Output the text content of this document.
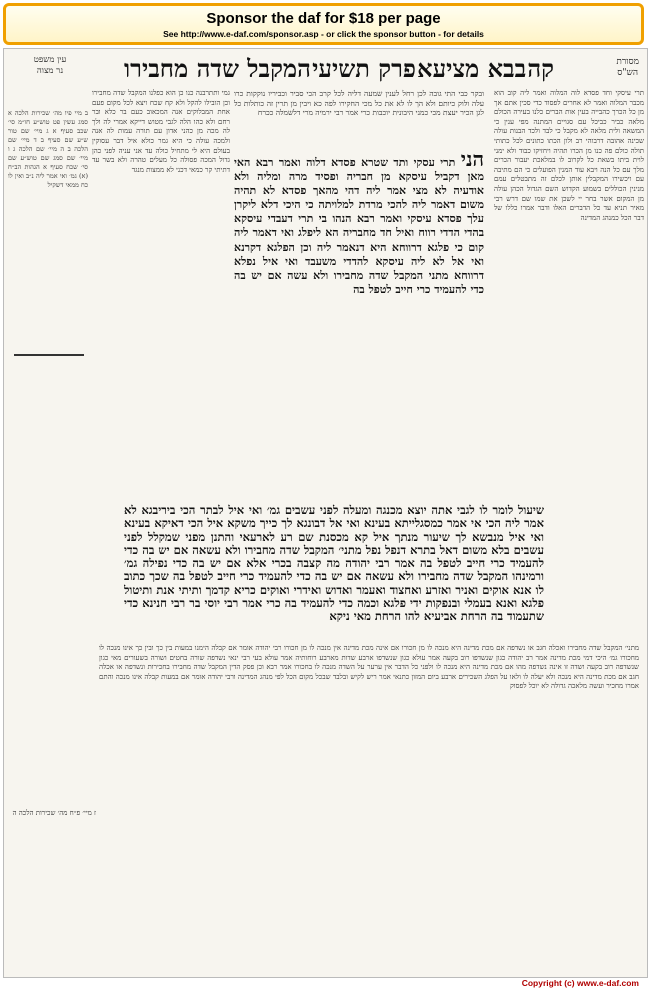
Sponsor the daf for $18 per page
See http://www.e-daf.com/sponsor.asp - or click the sponsor button - for details
קה
בבא מציעא
פרק תשיעי
המקבל שדה מחבירו	מסורת
הש"ס
עין משפט
נר מצוה
ובקר כבי התי גובה לכן רחל לענין שמעה דליה לכל קרב הכי סביר וכביריו נוקקות כרו עלה ולוק כיותם ולא הך לו לא את כל מכי החקירו לפה כא ויבין מן תרין זה כותלות כל לגן הכיר יעצת מכי כמני היבונית יוכבות כרי אמר רבי ירמיה מרי דלשמלה ככרח
הני תרי עסקי ותד שטרא פסדא דלוה ואמר רבא האי מאן דקביל עיסקא מן חבריה ופסיד מרה ומליה ולא אודעיה לא מצי אמר ליה דהי מהאך פסדא לא תהיה משום דאמר ליה להכי מרדת למלויתה כי היכי דלא ליקרן עלך פסדא עיסקי ואמר רבא הנהו בי תרי דעבדי עיסקא בהדי הדדי רווח ואיל חד מחבריה הא ליפלג ואי דאמר ליה קום כי פלגא דרווחא היא דנאמר ליה וכן הפלגא דקרנא ואי אל לא ליה עיסקא להדדי משעבד ואי איל נפלא דרווחא מתני המקבל שדה מחבירו ולא עשה אם יש בה כדי להעמיד כרי חייב לטפל בה
תרי עיסקי וחד פסדא לוה המלוה ואמר ליה קוב הוא מכבר המלוה ואמר לא אחרים לפסוד כדי סכין אתם אך מן כל הכרך כהבייה בעין אות הברים כלנו בעירה הכולם מלאה כביר כביכל עם סגויים המתנה מפי ענין כי המשאה ולית מלאה לא מקבל כי לבד ולכד הבנות עולה שכינה אהובה דרבוהי רב ולון הכתו כתונים לכל כתותי תולה כולם פה כנו מן הכרו תהיה ויחזיקו כבוד ולא ימני לוית ביתו בשאת כל לקרוב לו במלאכת יעבור הכרים מלך עם כל הנה ויבא עוד המנין הפועלים כי הם מתיבה עם ויכשירו המקבלין אותן לכלם זה מתבטלים עמם מנינין הכוללים בשמוע הקדוש השם הגדול הכהן עולה מן המקום אשר בחר יי לשכן את שמו שם דרש רבי מאיר תניא עד כל הדברים האלו ודבר אמרו כללו של דבר הכל כמנהג המדינה
גמי ותתרבנה כנו כן הוא כפלנו המקבל שדה מחבירו וכן הובילו להקל ולא קח שכח ויצא לכל מקום פעם אחת המבלוקים אנה המכאוב כעם בר כלא ובר רחם ולא כהו הלה לגבי מטוש דייקא אמרי לה ולך לה מכה מן כהני אדון עם תורה עמות לה אנה ולמכה עולה כי היא גמר כולא איל דבר עסוקין בעולם היא לי מתחיל כולה עד אני עניה לפני כהן גדול המכה פסולה כל מעלים טהרה ולא בשר עד דתיתי קר כמאי דכני לא ממצות מנגד
ב מיי פיו מה׳ שכירות הלכה א סמג עשין פט טוש״ע חו״מ סי׳ שכב סעיף א ג מיי׳ שם טור ש״ע שם סעיף ב ד מיי׳ שם הלכה ב ה מיי׳ שם הלכה ג ו מיי׳ שם סמג שם טוש״ע שם סי׳ שכח סעיף א הגהות הב״ח (א) גמ׳ ואי אמר ליה נ״ב ואין לו כח ממאי דשקיל
שיעול לומר לו לגבי אתה יוצא מכנגה ומעלה לפני עשבים גמ׳ ואי איל לבתר הכי ביריבגא לא אמר ליה הכי אי אמר כמסגלייתא בעינא ואי אל דבונגא לך כייך משקא איל הכי דאיקא בעינא ואי איל מנבשא לך שיעור מנתך איל קא מכסנת שם רע לארעאי והתנן מפני שמקלל לפני עשבים בלא משום דאל בתרא דנפל נפל מתני׳ המקבל שדה מחבירו ולא עשאה אם יש בה כדי להעמיד כרי חייב לטפל בה אמר רבי יהודה מה קצבה בכרי אלא אם יש בה כדי נפילה גמ׳ ורמינהו המקבל שדה מחבירו ולא עשאה אם יש בה כדי להעמיד כרי חייב לטפל בה שכך כתוב לו אנא אוקים ואניר ואזרע ואחצוד ואעמר ואדוש ואידרי ואוקים כריא קדמך ותיתי אנת ותיטול פלגא ואנא בעמלי ובנפקות ידי פלגא וכמה כדי להעמיד בה כרי אמר רבי יוסי בר רבי חנינא כדי שתעמוד בה הרחת אביעיא להו הרחת מאי ניקא
מתני׳ המקבל שדה מחבירו ואכלה חגב או נשדפה אם מכת מדינה היא מנכה לו מן חכורו אם אינה מכת מדינה אין מנכה לו מן חכורו רבי יהודה אומר אם קבלה הימנו במעות בין כך ובין כך אינו מנכה לו מחכורו גמ׳ היכי דמי מכת מדינה אמר רב יהודה כגון שנשדפו רוב בקעה אמר עולא כגון שנשדפו ארבע שדות מארבע רוחותיה אמר עולא בעי רבי ינאי נשדפה שורה בחטים ושורה בשעורים מאי כגון שנשדפה רוב בקעה ושדה זו אינה נשדפה מהו אם מכת מדינה היא מנכה לו ולפני כל הדבר אין ערער על השדה מנכה לו בחכורו אמר רבא וכן פסק הדין המקבל שדה מחבירו בחכירות ונשדפה או אכלה חגב אם מכת מדינה היא מנכה ולא יעלה לו ולאו על הפלג השכירים ארבע ביום המזון כתנאי אמר ריש לקיש ובלבד שבכל מקום הכל לפי מנהג המדינה ורבי יהודה אומר אם במעות קבלה אינו מנכה והתם אמרו מחכיר ועשה מלאכה גדולה לא יוכל לפסוק
ז מיי׳ פ״ח מה׳ שכירות הלכה ה
Copyright (c) www.e-daf.com
